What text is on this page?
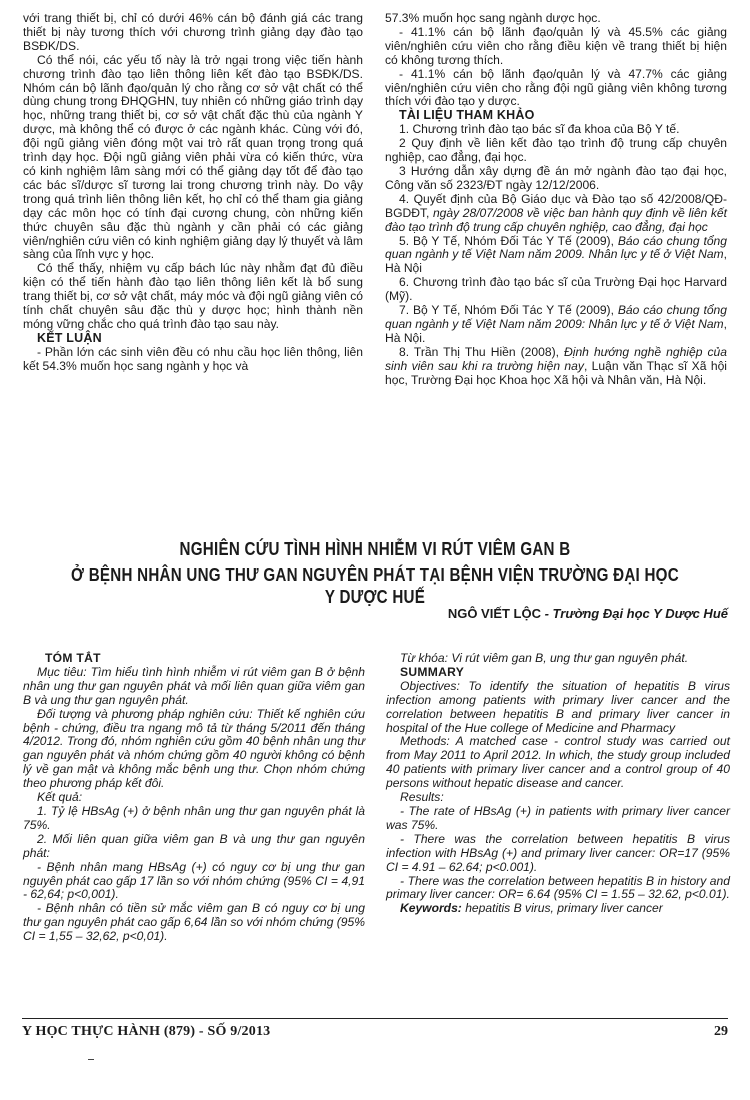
với trang thiết bị, chỉ có dưới 46% cán bộ đánh giá các trang thiết bị này tương thích với chương trình giảng dạy đào tạo BSĐK/DS.

Có thể nói, các yếu tố này là trở ngại trong việc tiến hành chương trình đào tạo liên thông liên kết đào tạo BSĐK/DS. Nhóm cán bộ lãnh đạo/quản lý cho rằng cơ sở vật chất có thể dùng chung trong ĐHQGHN, tuy nhiên có những giáo trình dạy học, những trang thiết bị, cơ sở vật chất đặc thù của ngành Y dược, mà không thể có được ở các ngành khác. Cùng với đó, đội ngũ giảng viên đóng một vai trò rất quan trọng trong quá trình dạy học. Đội ngũ giảng viên phải vừa có kiến thức, vừa có kinh nghiệm lâm sàng mới có thể giảng dạy tốt để đào tạo các bác sĩ/dược sĩ tương lai trong chương trình này. Do vậy trong quá trình liên thông liên kết, họ chỉ có thể tham gia giảng dạy các môn học có tính đại cương chung, còn những kiến thức chuyên sâu đặc thù ngành y cần phải có các giảng viên/nghiên cứu viên có kinh nghiệm giảng dạy lý thuyết và lâm sàng của lĩnh vực y học.

Có thể thấy, nhiệm vụ cấp bách lúc này nhằm đạt đủ điều kiện có thể tiến hành đào tạo liên thông liên kết là bổ sung trang thiết bị, cơ sở vật chất, máy móc và đội ngũ giảng viên có tính chất chuyên sâu đặc thù y dược học; hình thành nền móng vững chắc cho quá trình đào tạo sau này.

KẾT LUẬN

- Phần lớn các sinh viên đều có nhu cầu học liên thông, liên kết 54.3% muốn học sang ngành y học và

57.3% muốn học sang ngành dược học.

- 41.1% cán bộ lãnh đạo/quản lý và 45.5% các giảng viên/nghiên cứu viên cho rằng điều kiện về trang thiết bị hiện có không tương thích.

- 41.1% cán bộ lãnh đạo/quản lý và 47.7% các giảng viên/nghiên cứu viên cho rằng đội ngũ giảng viên không tương thích với đào tạo y dược.

TÀI LIỆU THAM KHẢO

1. Chương trình đào tạo bác sĩ đa khoa của Bộ Y tế.

2 Quy định về liên kết đào tạo trình độ trung cấp chuyên nghiệp, cao đẳng, đại học.

3 Hướng dẫn xây dựng đề án mở ngành đào tạo đại học, Công văn số 2323/ĐT ngày 12/12/2006.

4. Quyết định của Bộ Giáo dục và Đào tạo số 42/2008/QĐ-BGDĐT, ngày 28/07/2008 về việc ban hành quy định về liên kết đào tạo trình độ trung cấp chuyên nghiệp, cao đẳng, đại học

5. Bộ Y Tế, Nhóm Đối Tác Y Tế (2009), Báo cáo chung tổng quan ngành y tế Việt Nam năm 2009. Nhân lực y tế ở Việt Nam, Hà Nội

6. Chương trình đào tạo bác sĩ của Trường Đại học Harvard (Mỹ).

7. Bộ Y Tế, Nhóm Đối Tác Y Tế (2009), Báo cáo chung tổng quan ngành y tế Việt Nam năm 2009: Nhân lực y tế ở Việt Nam, Hà Nội.

8. Trần Thị Thu Hiền (2008), Định hướng nghề nghiệp của sinh viên sau khi ra trường hiện nay, Luận văn Thạc sĩ Xã hội học, Trường Đại học Khoa học Xã hội và Nhân văn, Hà Nội.

NGHIÊN CỨU TÌNH HÌNH NHIỄM VI RÚT VIÊM GAN B
Ở BỆNH NHÂN UNG THƯ GAN NGUYÊN PHÁT TẠI BỆNH VIỆN TRƯỜNG ĐẠI HỌC Y DƯỢC HUẾ
NGÔ VIẾT LỘC - Trường Đại học Y Dược Huế

TÓM TẮT

Mục tiêu: Tìm hiểu tình hình nhiễm vi rút viêm gan B ở bệnh nhân ung thư gan nguyên phát và mối liên quan giữa viêm gan B và ung thư gan nguyên phát.

Đối tượng và phương pháp nghiên cứu: Thiết kế nghiên cứu bệnh - chứng, điều tra ngang mô tả từ tháng 5/2011 đến tháng 4/2012. Trong đó, nhóm nghiên cứu gồm 40 bệnh nhân ung thư gan nguyên phát và nhóm chứng gồm 40 người không có bệnh lý về gan mật và không mắc bệnh ung thư. Chọn nhóm chứng theo phương pháp kết đôi.

Kết quả:

1. Tỷ lệ HBsAg (+) ở bệnh nhân ung thư gan nguyên phát là 75%.

2. Mối liên quan giữa viêm gan B và ung thư gan nguyên phát:

- Bệnh nhân mang HBsAg (+) có nguy cơ bị ung thư gan nguyên phát cao gấp 17 lần so với nhóm chứng (95% CI = 4,91 - 62,64; p<0,001).

- Bệnh nhân có tiền sử mắc viêm gan B có nguy cơ bị ung thư gan nguyên phát cao gấp 6,64 lần so với nhóm chứng (95% CI = 1,55 – 32,62, p<0,01).

Từ khóa: Vi rút viêm gan B, ung thư gan nguyên phát.

SUMMARY

Objectives: To identify the situation of hepatitis B virus infection among patients with primary liver cancer and the correlation between hepatitis B and primary liver cancer in hospital of the Hue college of Medicine and Pharmacy

Methods: A matched case - control study was carried out from May 2011 to April 2012. In which, the study group included 40 patients with primary liver cancer and a control group of 40 persons without hepatic disease and cancer.

Results:

- The rate of HBsAg (+) in patients with primary liver cancer was 75%.

- There was the correlation between hepatitis B virus infection with HBsAg (+) and primary liver cancer: OR=17 (95% CI = 4.91 – 62.64; p<0.001).

- There was the correlation between hepatitis B in history and primary liver cancer: OR= 6.64 (95% CI = 1.55 – 32.62, p<0.01).

Keywords: hepatitis B virus, primary liver cancer

Y HỌC THỰC HÀNH (879) - SỐ 9/2013	29
